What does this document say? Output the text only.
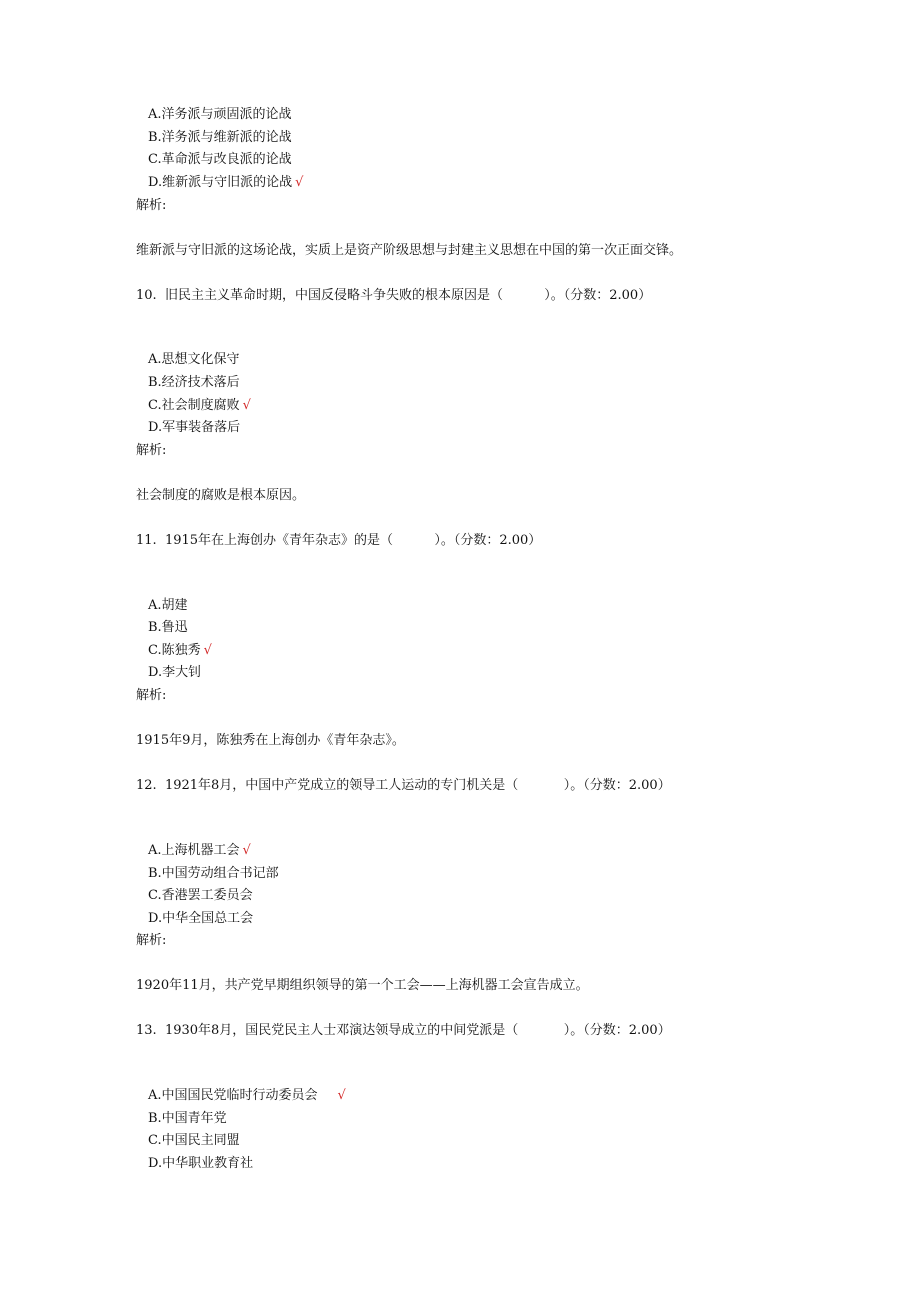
A.洋务派与顽固派的论战
B.洋务派与维新派的论战
C.革命派与改良派的论战
D.维新派与守旧派的论战 √
解析:
维新派与守旧派的这场论战，实质上是资产阶级思想与封建主义思想在中国的第一次正面交锋。
10.  旧民主主义革命时期，中国反侵略斗争失败的根本原因是（          ）。（分数：2.00）
A.思想文化保守
B.经济技术落后
C.社会制度腐败 √
D.军事装备落后
解析:
社会制度的腐败是根本原因。
11.  1915年在上海创办《青年杂志》的是（          ）。（分数：2.00）
A.胡建
B.鲁迅
C.陈独秀 √
D.李大钊
解析:
1915年9月，陈独秀在上海创办《青年杂志》。
12.  1921年8月，中国中产党成立的领导工人运动的专门机关是（           ）。（分数：2.00）
A.上海机器工会 √
B.中国劳动组合书记部
C.香港罢工委员会
D.中华全国总工会
解析:
1920年11月，共产党早期组织领导的第一个工会——上海机器工会宣告成立。
13.  1930年8月，国民党民主人士邓演达领导成立的中间党派是（           ）。（分数：2.00）
A.中国国民党临时行动委员会 √
B.中国青年党
C.中国民主同盟
D.中华职业教育社
